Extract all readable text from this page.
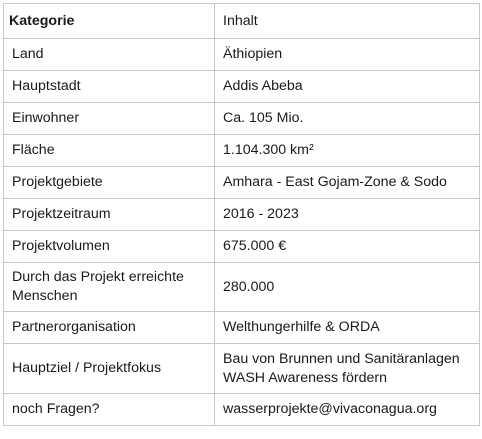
Kategorie	Inhalt
Land	Äthiopien
Hauptstadt	Addis Abeba
Einwohner	Ca. 105 Mio.
Fläche	1.104.300 km²
Projektgebiete	Amhara - East Gojam-Zone & Sodo
Projektzeitraum	2016 - 2023
Projektvolumen	675.000 €

Durch das Projekt erreichte
Menschen	280.000
Partnerorganisation	Welthungerhilfe & ORDA
Hauptziel / Projektfokus	Bau von Brunnen und Sanitäranlagen
WASH Awareness fördern

noch Fragen?	wasserprojekte@vivaconagua.org
